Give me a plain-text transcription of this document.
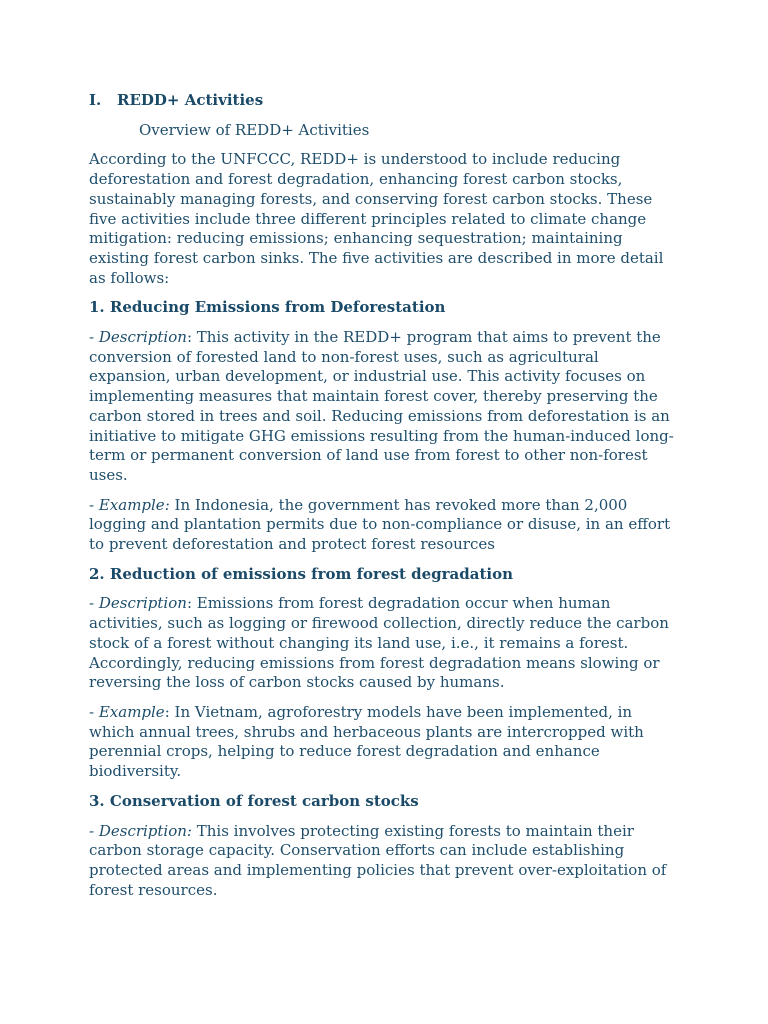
I. REDD+ Activities
Overview of REDD+ Activities

According to the UNFCCC, REDD+ is understood to include reducing deforestation and forest degradation, enhancing forest carbon stocks, sustainably managing forests, and conserving forest carbon stocks. These five activities include three different principles related to climate change mitigation: reducing emissions; enhancing sequestration; maintaining existing forest carbon sinks. The five activities are described in more detail as follows:

1. Reducing Emissions from Deforestation

- Description: This activity in the REDD+ program that aims to prevent the conversion of forested land to non-forest uses, such as agricultural expansion, urban development, or industrial use. This activity focuses on implementing measures that maintain forest cover, thereby preserving the carbon stored in trees and soil. Reducing emissions from deforestation is an initiative to mitigate GHG emissions resulting from the human-induced long-term or permanent conversion of land use from forest to other non-forest uses.

- Example: In Indonesia, the government has revoked more than 2,000 logging and plantation permits due to non-compliance or disuse, in an effort to prevent deforestation and protect forest resources

2. Reduction of emissions from forest degradation

- Description: Emissions from forest degradation occur when human activities, such as logging or firewood collection, directly reduce the carbon stock of a forest without changing its land use, i.e., it remains a forest. Accordingly, reducing emissions from forest degradation means slowing or reversing the loss of carbon stocks caused by humans.

- Example: In Vietnam, agroforestry models have been implemented, in which annual trees, shrubs and herbaceous plants are intercropped with perennial crops, helping to reduce forest degradation and enhance biodiversity.

3. Conservation of forest carbon stocks

- Description: This involves protecting existing forests to maintain their carbon storage capacity. Conservation efforts can include establishing protected areas and implementing policies that prevent over-exploitation of forest resources.
